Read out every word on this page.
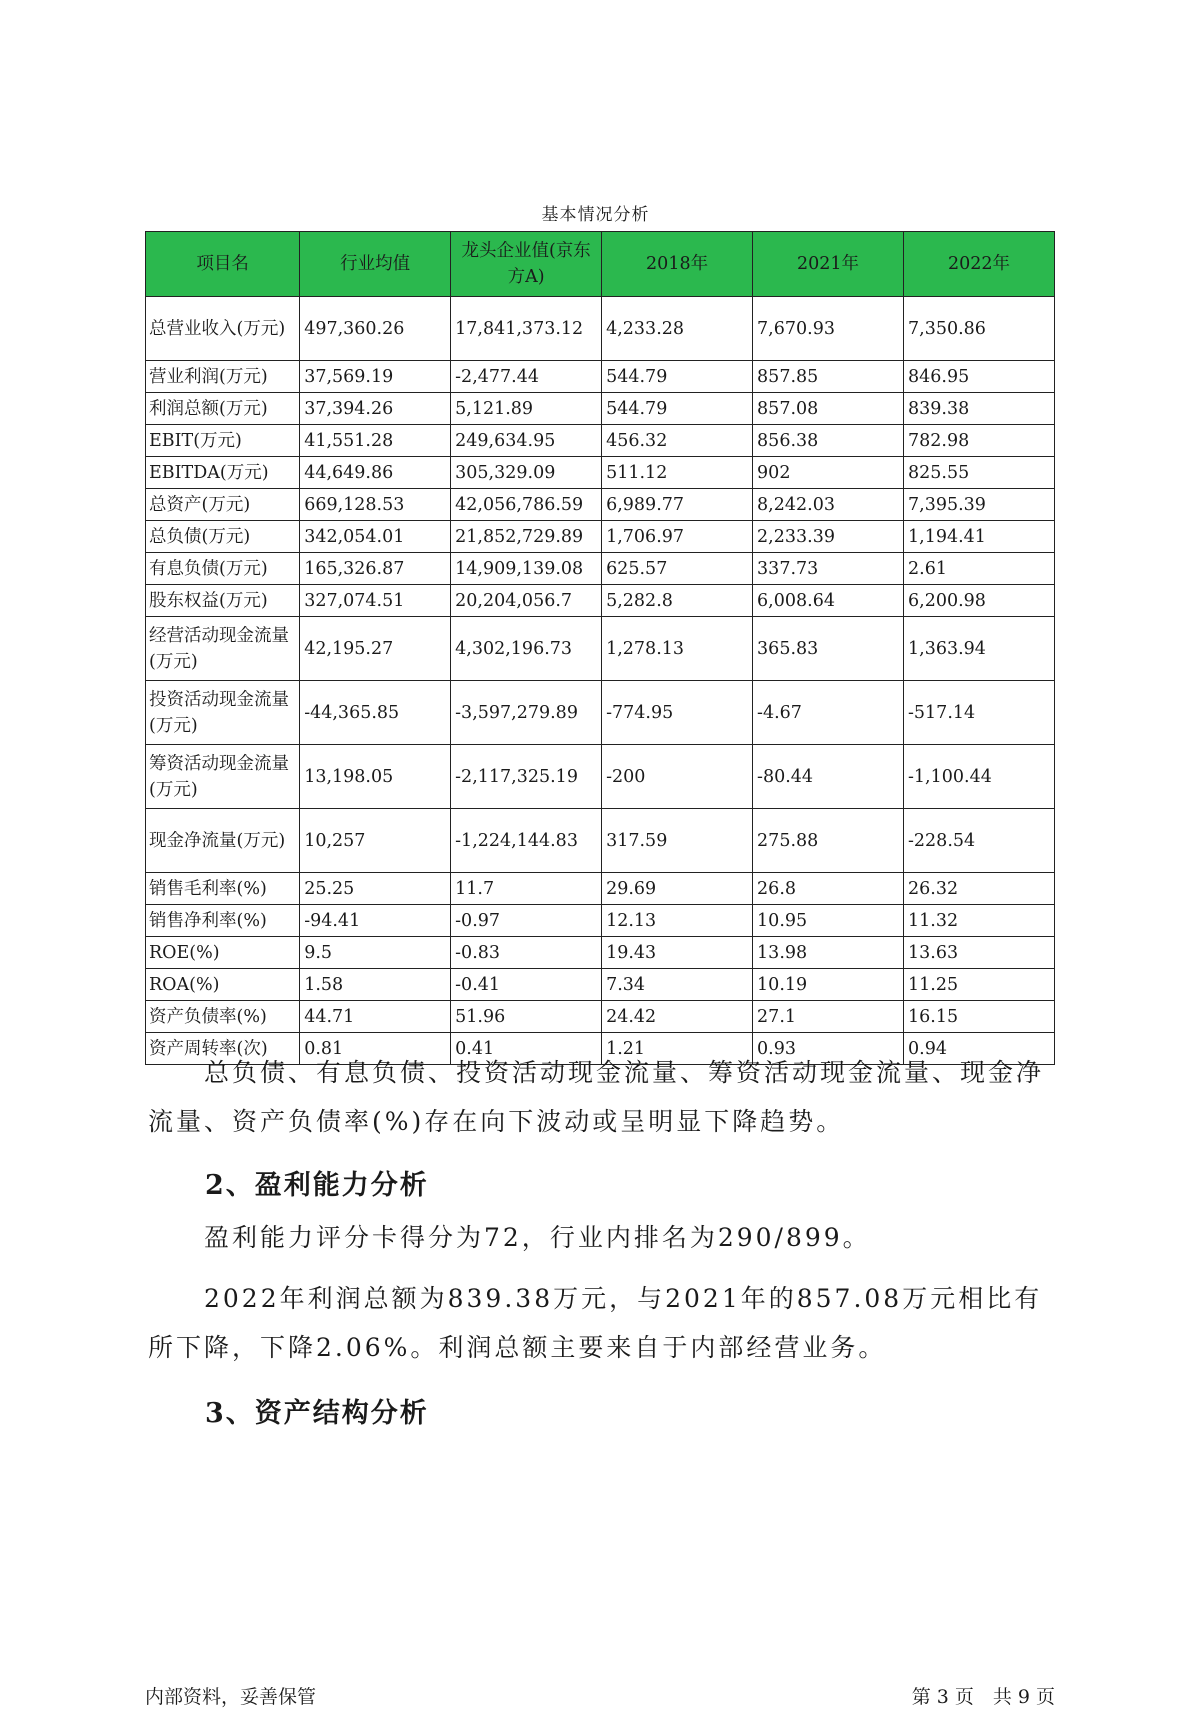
基本情况分析
项目名	行业均值	龙头企业值(京东方A)	2018年	2021年	2022年
总营业收入(万元)	497,360.26	17,841,373.12	4,233.28	7,670.93	7,350.86
营业利润(万元)	37,569.19	-2,477.44	544.79	857.85	846.95
利润总额(万元)	37,394.26	5,121.89	544.79	857.08	839.38
EBIT(万元)	41,551.28	249,634.95	456.32	856.38	782.98
EBITDA(万元)	44,649.86	305,329.09	511.12	902	825.55
总资产(万元)	669,128.53	42,056,786.59	6,989.77	8,242.03	7,395.39
总负债(万元)	342,054.01	21,852,729.89	1,706.97	2,233.39	1,194.41
有息负债(万元)	165,326.87	14,909,139.08	625.57	337.73	2.61
股东权益(万元)	327,074.51	20,204,056.7	5,282.8	6,008.64	6,200.98
经营活动现金流量(万元)	42,195.27	4,302,196.73	1,278.13	365.83	1,363.94
投资活动现金流量(万元)	-44,365.85	-3,597,279.89	-774.95	-4.67	-517.14
筹资活动现金流量(万元)	13,198.05	-2,117,325.19	-200	-80.44	-1,100.44
现金净流量(万元)	10,257	-1,224,144.83	317.59	275.88	-228.54
销售毛利率(%)	25.25	11.7	29.69	26.8	26.32
销售净利率(%)	-94.41	-0.97	12.13	10.95	11.32
ROE(%)	9.5	-0.83	19.43	13.98	13.63
ROA(%)	1.58	-0.41	7.34	10.19	11.25
资产负债率(%)	44.71	51.96	24.42	27.1	16.15
资产周转率(次)	0.81	0.41	1.21	0.93	0.94
总负债、有息负债、投资活动现金流量、筹资活动现金流量、现金净流量、资产负债率(%)存在向下波动或呈明显下降趋势。
2、盈利能力分析
盈利能力评分卡得分为72，行业内排名为290/899。
2022年利润总额为839.38万元，与2021年的857.08万元相比有所下降，下降2.06%。利润总额主要来自于内部经营业务。
3、资产结构分析
内部资料，妥善保管	第 3 页　共 9 页
